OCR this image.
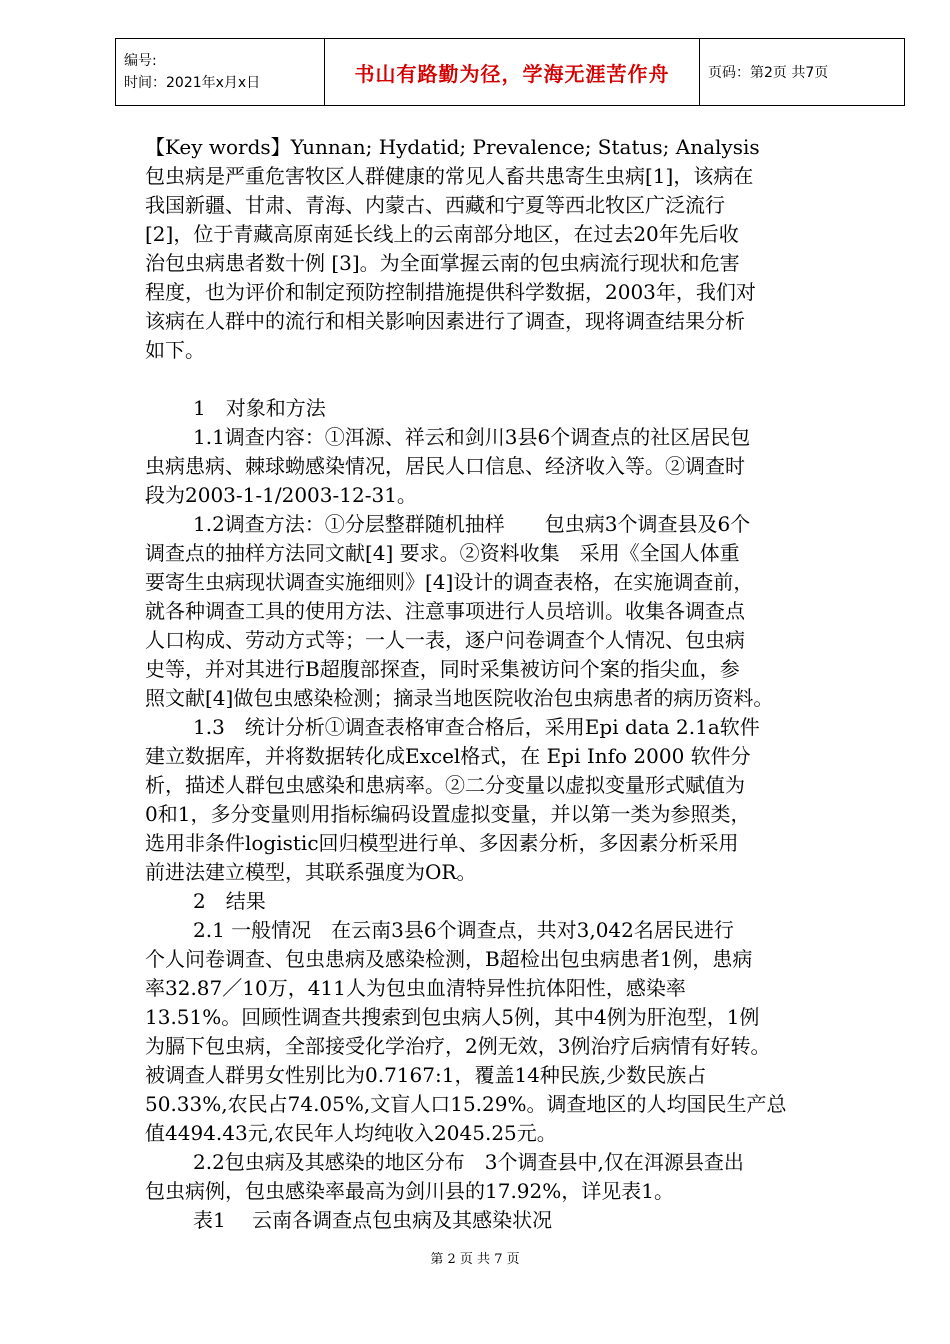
编号:
时间：2021年x月x日	书山有路勤为径，学海无涯苦作舟	页码：第2页 共7页

【Key words】Yunnan; Hydatid; Prevalence; Status; Analysis

包虫病是严重危害牧区人群健康的常见人畜共患寄生虫病[1]，该病在

我国新疆、甘肃、青海、内蒙古、西藏和宁夏等西北牧区广泛流行

[2]，位于青藏高原南延长线上的云南部分地区，在过去20年先后收

治包虫病患者数十例 [3]。为全面掌握云南的包虫病流行现状和危害

程度，也为评价和制定预防控制措施提供科学数据，2003年，我们对

该病在人群中的流行和相关影响因素进行了调查，现将调查结果分析

如下。

1　对象和方法

1.1调查内容：①洱源、祥云和剑川3县6个调查点的社区居民包

虫病患病、棘球蚴感染情况，居民人口信息、经济收入等。②调查时

段为2003-1-1/2003-12-31。

1.2调查方法：①分层整群随机抽样　　包虫病3个调查县及6个

调查点的抽样方法同文献[4] 要求。②资料收集　采用《全国人体重

要寄生虫病现状调查实施细则》[4]设计的调查表格，在实施调查前，

就各种调查工具的使用方法、注意事项进行人员培训。收集各调查点

人口构成、劳动方式等；一人一表，逐户问卷调查个人情况、包虫病

史等，并对其进行B超腹部探查，同时采集被访问个案的指尖血，参

照文献[4]做包虫感染检测；摘录当地医院收治包虫病患者的病历资料。

1.3　统计分析①调查表格审查合格后，采用Epi data 2.1a软件

建立数据库，并将数据转化成Excel格式，在 Epi Info 2000 软件分

析，描述人群包虫感染和患病率。②二分变量以虚拟变量形式赋值为

0和1，多分变量则用指标编码设置虚拟变量，并以第一类为参照类，

选用非条件logistic回归模型进行单、多因素分析，多因素分析采用

前进法建立模型，其联系强度为OR。

2　结果

2.1 一般情况　在云南3县6个调查点，共对3,042名居民进行

个人问卷调查、包虫患病及感染检测，B超检出包虫病患者1例，患病

率32.87／10万，411人为包虫血清特异性抗体阳性，感染率

13.51%。回顾性调查共搜索到包虫病人5例，其中4例为肝泡型，1例

为膈下包虫病，全部接受化学治疗，2例无效，3例治疗后病情有好转。

被调查人群男女性别比为0.7167:1，覆盖14种民族,少数民族占

50.33%,农民占74.05%,文盲人口15.29%。调查地区的人均国民生产总

值4494.43元,农民年人均纯收入2045.25元。

2.2包虫病及其感染的地区分布　3个调查县中,仅在洱源县查出

包虫病例，包虫感染率最高为剑川县的17.92%，详见表1。

表1　 云南各调查点包虫病及其感染状况

第 2 页 共 7 页
